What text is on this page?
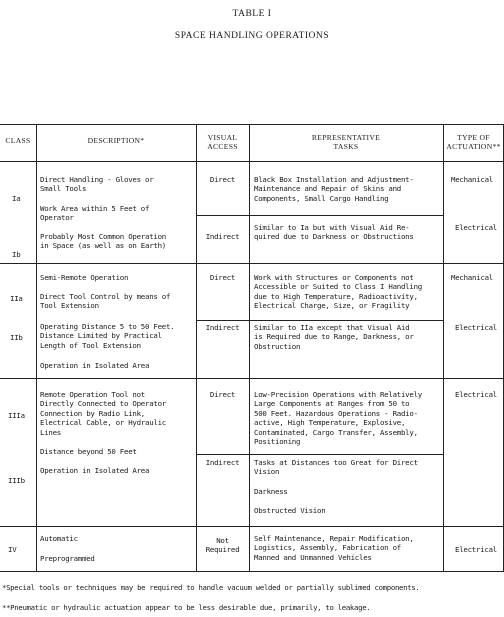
TABLE I
SPACE HANDLING OPERATIONS
CLASS	DESCRIPTION*	VISUAL
ACCESS
REPRESENTATIVE
TASKS
TYPE OF
ACTUATION**
Ia
Ib
Direct Handling - Gloves or
Small Tools
Work Area within 5 Feet of
Operator
Probably Most Common Operation
in Space (as well as on Earth)
Direct
Indirect
Black Box Installation and Adjustment-
Maintenance and Repair of Skins and
Components, Small Cargo Handling
Similar to Ia but with Visual Aid Re-
quired due to Darkness or Obstructions
Mechanical
Electrical
IIa
IIb
Semi-Remote Operation
Direct Tool Control by means of
Tool Extension
Operating Distance 5 to 50 Feet.
Distance Limited by Practical
Length of Tool Extension
Operation in Isolated Area
Direct
Indirect
Work with Structures or Components not
Accessible or Suited to Class I Handling
due to High Temperature, Radioactivity,
Electrical Charge, Size, or Fragility
Similar to IIa except that Visual Aid
is Required due to Range, Darkness, or
Obstruction
Mechanical
Electrical
IIIa
IIIb
Remote Operation Tool not
Directly Connected to Operator
Connection by Radio Link,
Electrical Cable, or Hydraulic
Lines
Distance beyond 50 Feet
Operation in Isolated Area
Direct
Indirect
Low-Precision Operations with Relatively
Large Components at Ranges from 50 to
500 Feet. Hazardous Operations - Radio-
active, High Temperature, Explosive,
Contaminated, Cargo Transfer, Assembly,
Positioning
Tasks at Distances too Great for Direct
Vision
Darkness
Obstructed Vision
Electrical
IV
Automatic
Preprogrammed
Not
Required
Self Maintenance, Repair Modification,
Logistics, Assembly, Fabrication of
Manned and Unmanned Vehicles
Electrical
*Special tools or techniques may be required to handle vacuum welded or partially sublimed components.
**Pneumatic or hydraulic actuation appear to be less desirable due, primarily, to leakage.
